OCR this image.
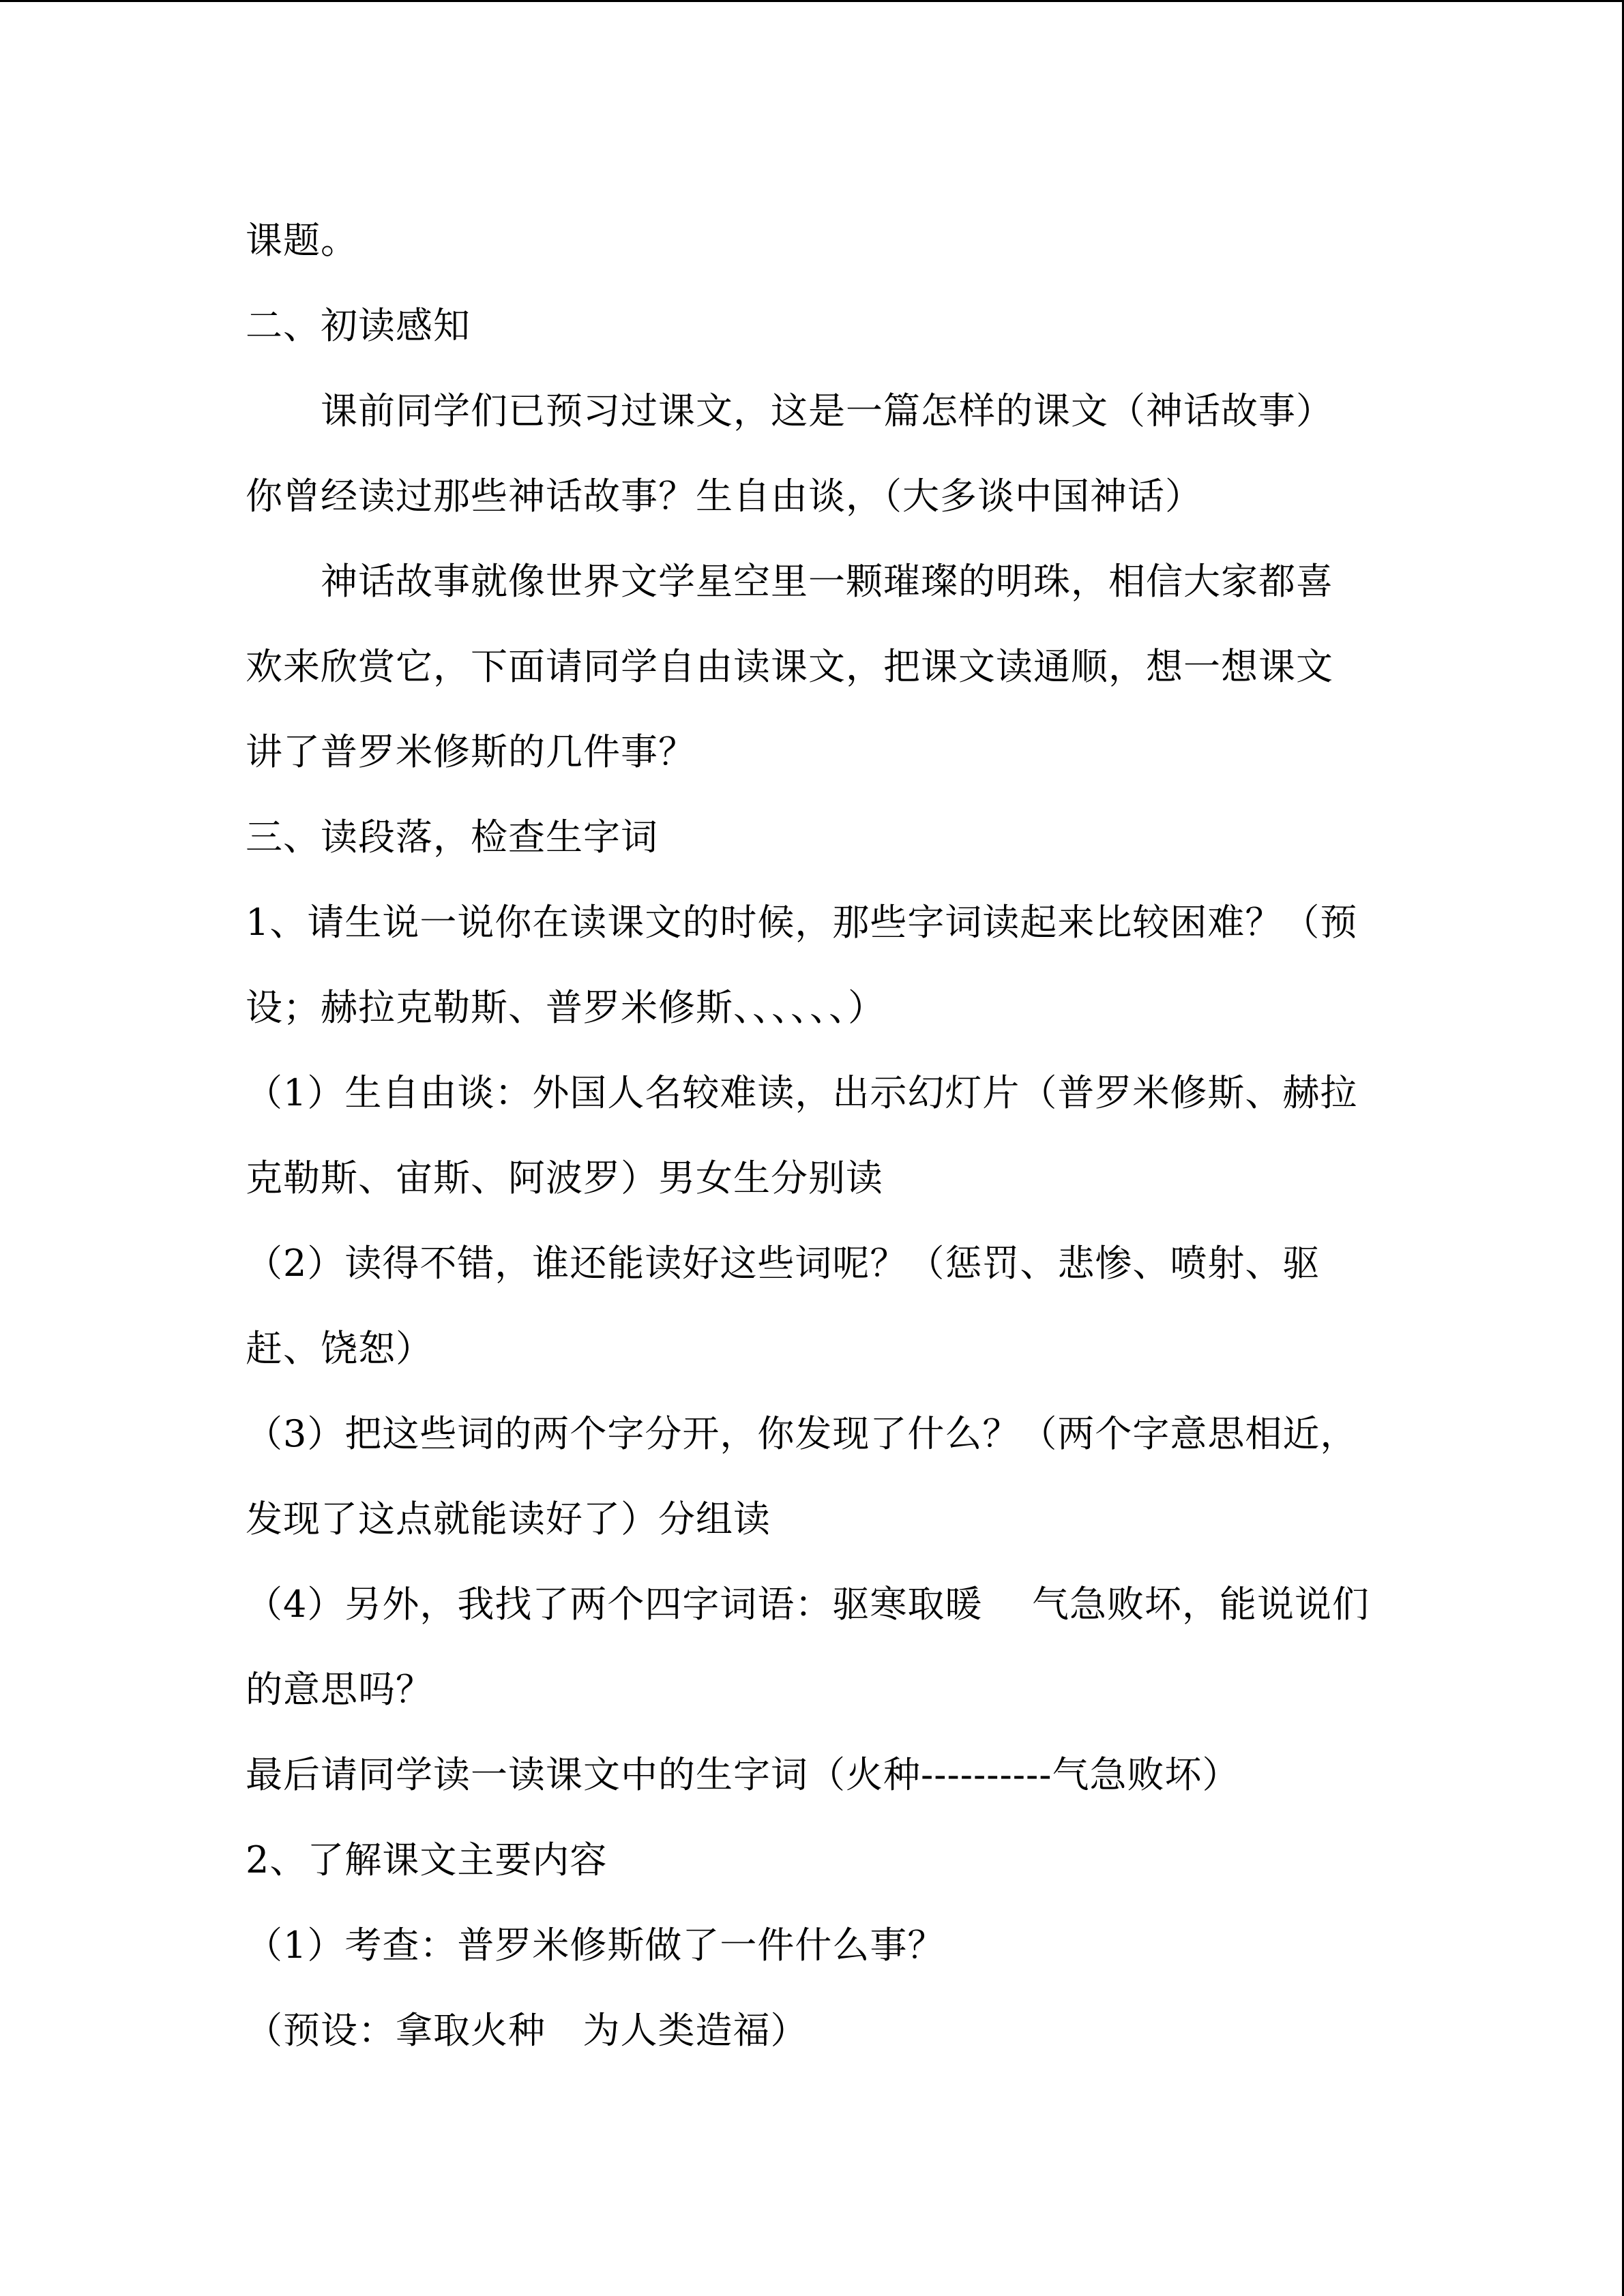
课题。
二、初读感知
课前同学们已预习过课文，这是一篇怎样的课文（神话故事）
你曾经读过那些神话故事？生自由谈，（大多谈中国神话）
神话故事就像世界文学星空里一颗璀璨的明珠，相信大家都喜
欢来欣赏它，下面请同学自由读课文，把课文读通顺，想一想课文
讲了普罗米修斯的几件事？
三、读段落，检查生字词
1、请生说一说你在读课文的时候，那些字词读起来比较困难？（预
设；赫拉克勒斯、普罗米修斯、、、、、、）
（1）生自由谈：外国人名较难读，出示幻灯片（普罗米修斯、赫拉
克勒斯、宙斯、阿波罗）男女生分别读
（2）读得不错，谁还能读好这些词呢？（惩罚、悲惨、喷射、驱
赶、饶恕）
（3）把这些词的两个字分开，你发现了什么？（两个字意思相近，
发现了这点就能读好了）分组读
（4）另外，我找了两个四字词语：驱寒取暖    气急败坏，能说说们
的意思吗？
最后请同学读一读课文中的生字词（火种----------气急败坏）
2、了解课文主要内容
（1）考查：普罗米修斯做了一件什么事？
（预设：拿取火种   为人类造福）
